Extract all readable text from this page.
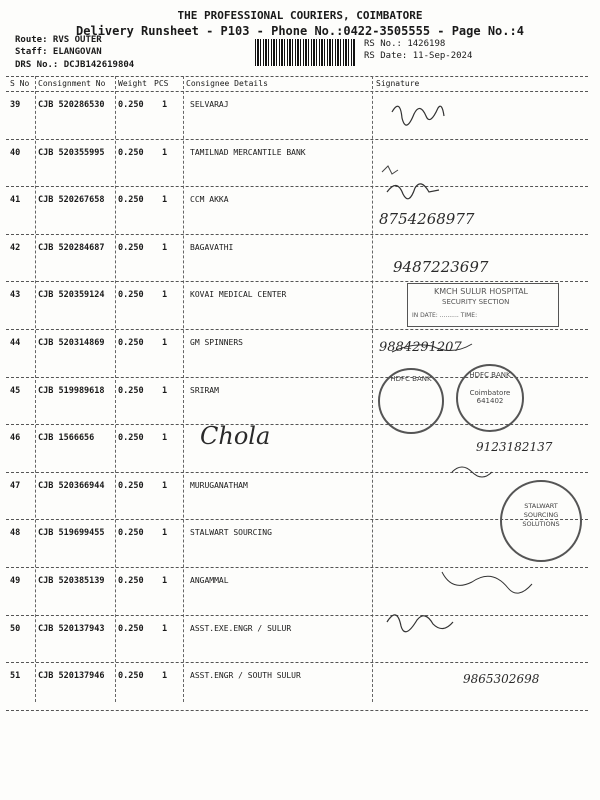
THE PROFESSIONAL COURIERS, COIMBATORE
Delivery Runsheet - P103 - Phone No.:0422-3505555 - Page No.:4
Route: RVS OUTER
Staff: ELANGOVAN
DRS No.: DCJB142619804
RS No.: 1426198
RS Date: 11-Sep-2024
S No Consignment No Weight PCS Consignee Details	Signature
39 CJB 520286530 0.250 1	SELVARAJ
40 CJB 520355995 0.250 1	TAMILNAD MERCANTILE BANK
41 CJB 520267658 0.250 1	CCM AKKA
42 CJB 520284687 0.250 1	BAGAVATHI
43 CJB 520359124 0.250 1	KOVAI MEDICAL CENTER
44 CJB 520314869 0.250 1	GM SPINNERS
45 CJB 519989618 0.250 1	SRIRAM
46 CJB 1566656	0.250 1
47 CJB 520366944 0.250 1	MURUGANATHAM
48 CJB 519699455 0.250 1	STALWART SOURCING
49 CJB 520385139 0.250 1	ANGAMMAL
50 CJB 520137943 0.250 1	ASST.EXE.ENGR / SULUR
51 CJB 520137946 0.250 1	ASST.ENGR / SOUTH SULUR
8754268977
9487223697
9884291207
Chola	9123182137
9865302698
KMCH SULUR HOSPITAL
SECURITY SECTION
IN DATE: .......... TIME:
HDFC BANK	HDFC BANK
Coimbatore 641402
STALWART SOURCING SOLUTIONS
